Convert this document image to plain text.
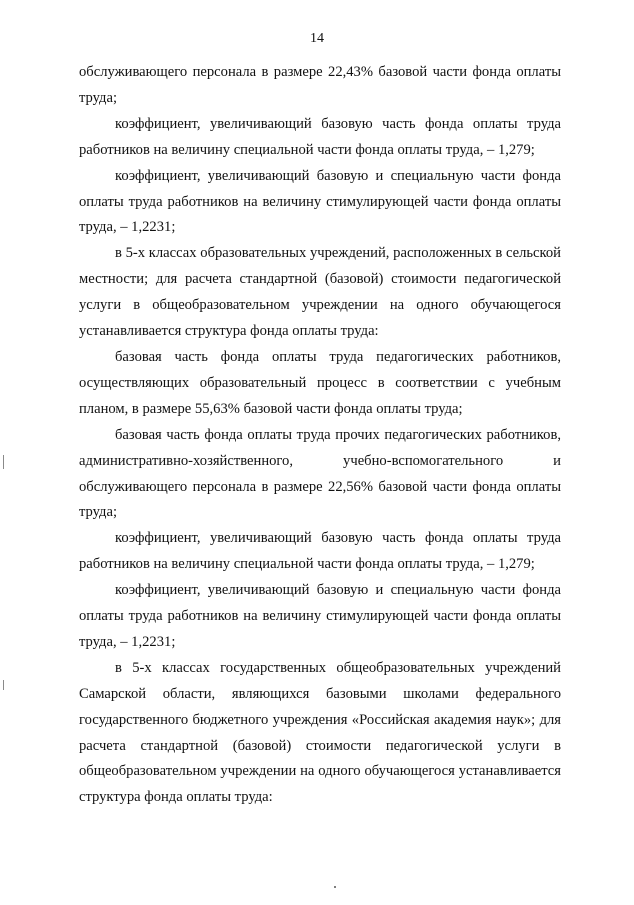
14

обслуживающего персонала в размере 22,43% базовой части фонда оплаты труда;

коэффициент, увеличивающий базовую часть фонда оплаты труда работников на величину специальной части фонда оплаты труда, – 1,279;

коэффициент, увеличивающий базовую и специальную части фонда оплаты труда работников на величину стимулирующей части фонда оплаты труда, – 1,2231;

в 5-х классах образовательных учреждений, расположенных в сельской местности; для расчета стандартной (базовой) стоимости педагогической услуги в общеобразовательном учреждении на одного обучающегося устанавливается структура фонда оплаты труда:

базовая часть фонда оплаты труда педагогических работников, осуществляющих образовательный процесс в соответствии с учебным планом, в размере 55,63% базовой части фонда оплаты труда;

базовая часть фонда оплаты труда прочих педагогических работников, административно-хозяйственного, учебно-вспомогательного и обслуживающего персонала в размере 22,56% базовой части фонда оплаты труда;

коэффициент, увеличивающий базовую часть фонда оплаты труда работников на величину специальной части фонда оплаты труда, – 1,279;

коэффициент, увеличивающий базовую и специальную части фонда оплаты труда работников на величину стимулирующей части фонда оплаты труда, – 1,2231;

в 5-х классах государственных общеобразовательных учреждений Самарской области, являющихся базовыми школами федерального государственного бюджетного учреждения «Российская академия наук»; для расчета стандартной (базовой) стоимости педагогической услуги в общеобразовательном учреждении на одного обучающегося устанавливается структура фонда оплаты труда:
